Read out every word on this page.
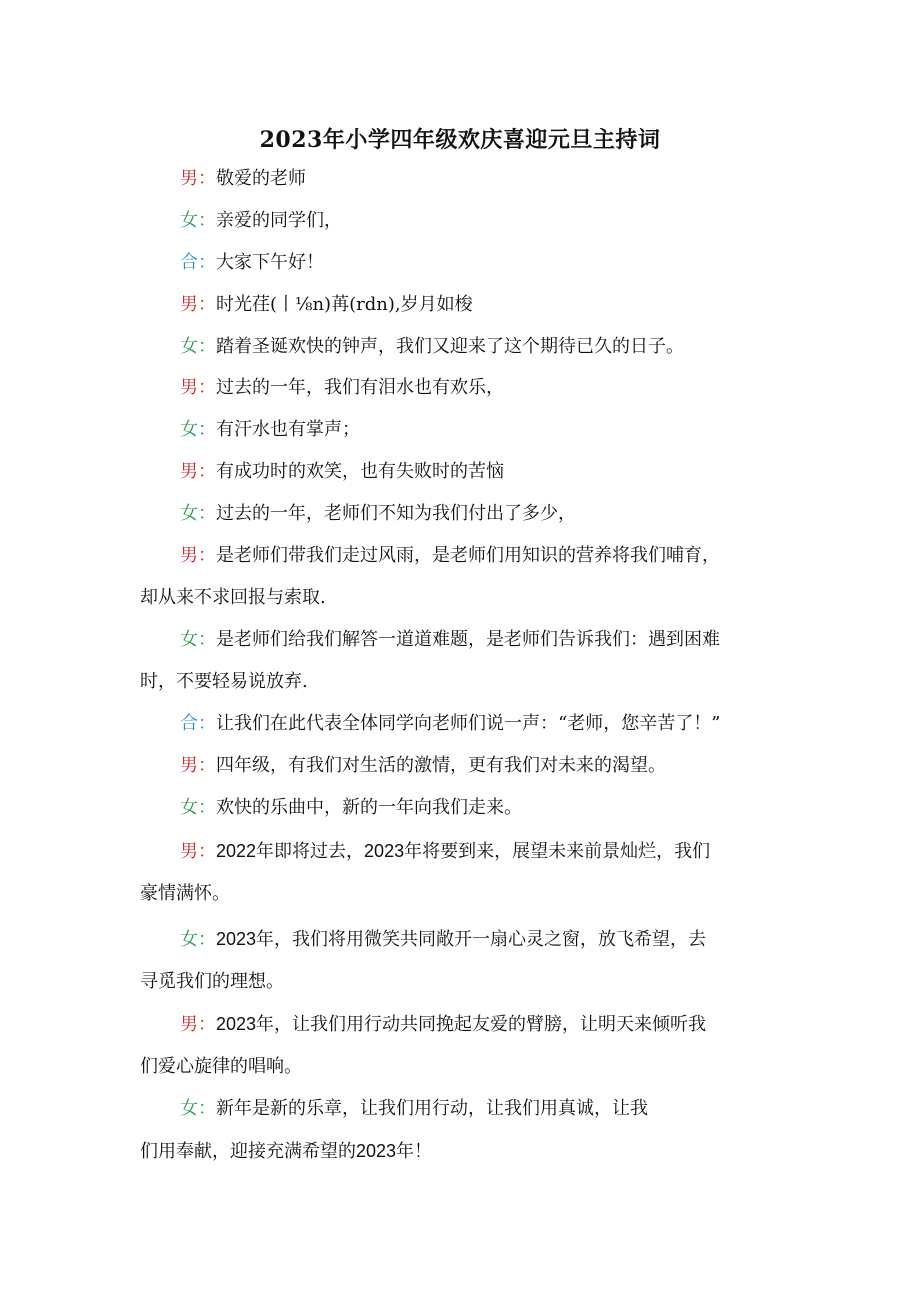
2023年小学四年级欢庆喜迎元旦主持词
男：敬爱的老师
女：亲爱的同学们，
合：大家下午好！
男：时光荏(丨⅛n)苒(rdn),岁月如梭
女：踏着圣诞欢快的钟声，我们又迎来了这个期待已久的日子。
男：过去的一年，我们有泪水也有欢乐，
女：有汗水也有掌声；
男：有成功时的欢笑，也有失败时的苦恼
女：过去的一年，老师们不知为我们付出了多少，
男：是老师们带我们走过风雨，是老师们用知识的营养将我们哺育，
却从来不求回报与索取.
女：是老师们给我们解答一道道难题，是老师们告诉我们：遇到困难
时，不要轻易说放弃.
合：让我们在此代表全体同学向老师们说一声：“老师，您辛苦了！”
男：四年级，有我们对生活的激情，更有我们对未来的渴望。
女：欢快的乐曲中，新的一年向我们走来。
男：2022年即将过去，2023年将要到来，展望未来前景灿烂，我们
豪情满怀。
女：2023年，我们将用微笑共同敞开一扇心灵之窗，放飞希望，去
寻觅我们的理想。
男：2023年，让我们用行动共同挽起友爱的臂膀，让明天来倾听我
们爱心旋律的唱响。
女：新年是新的乐章，让我们用行动，让我们用真诚，让我
们用奉献，迎接充满希望的2023年！
